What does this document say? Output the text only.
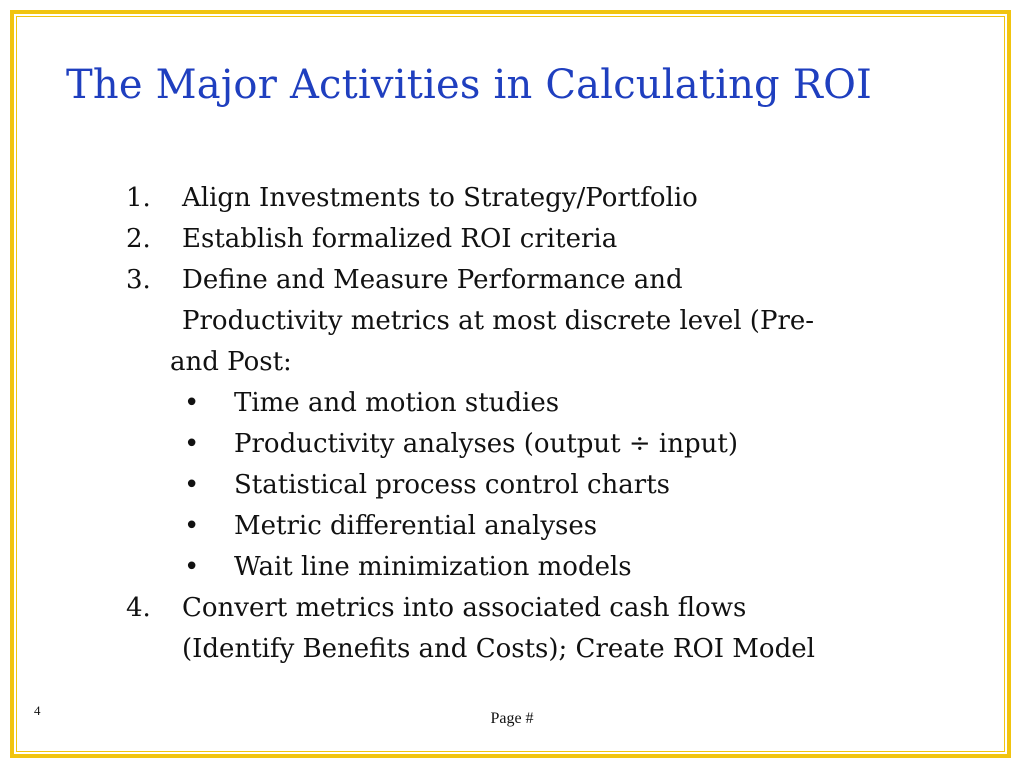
The Major Activities in Calculating ROI
1.	Align Investments to Strategy/Portfolio
2.	Establish formalized ROI criteria
3.	Define and Measure Performance and
Productivity metrics at most discrete level (Pre-
and Post:
•	Time and motion studies
•	Productivity analyses (output ÷ input)
•	Statistical process control charts
•	Metric differential analyses
•	Wait line minimization models
4.	Convert metrics into associated cash flows
(Identify Benefits and Costs); Create ROI Model
4	Page #
